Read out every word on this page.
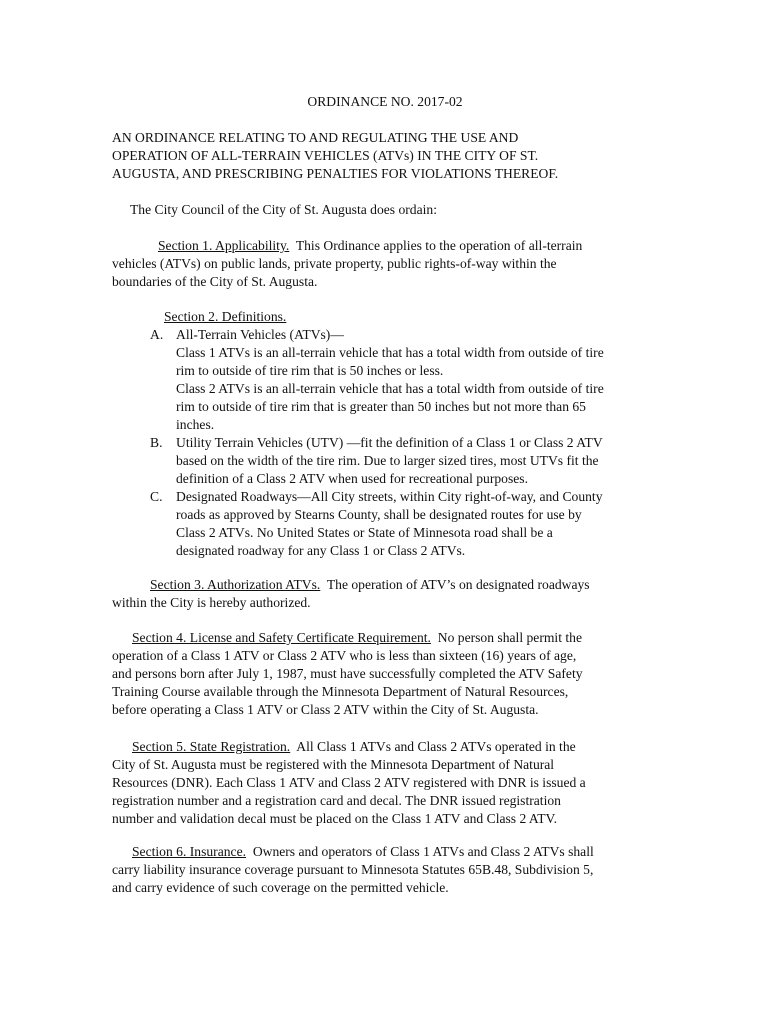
ORDINANCE NO. 2017-02
AN ORDINANCE RELATING TO AND REGULATING THE USE AND
OPERATION OF ALL-TERRAIN VEHICLES (ATVs) IN THE CITY OF ST.
AUGUSTA, AND PRESCRIBING PENALTIES FOR VIOLATIONS THEREOF.
The City Council of the City of St. Augusta does ordain:
Section 1. Applicability.  This Ordinance applies to the operation of all-terrain
vehicles (ATVs) on public lands, private property, public rights-of-way within the
boundaries of the City of St. Augusta.
Section 2. Definitions.
A. All-Terrain Vehicles (ATVs)—
Class 1 ATVs is an all-terrain vehicle that has a total width from outside of tire
rim to outside of tire rim that is 50 inches or less.
Class 2 ATVs is an all-terrain vehicle that has a total width from outside of tire
rim to outside of tire rim that is greater than 50 inches but not more than 65
inches.
B. Utility Terrain Vehicles (UTV) —fit the definition of a Class 1 or Class 2 ATV
based on the width of the tire rim. Due to larger sized tires, most UTVs fit the
definition of a Class 2 ATV when used for recreational purposes.
C. Designated Roadways—All City streets, within City right-of-way, and County
roads as approved by Stearns County, shall be designated routes for use by
Class 2 ATVs. No United States or State of Minnesota road shall be a
designated roadway for any Class 1 or Class 2 ATVs.
Section 3. Authorization ATVs.  The operation of ATV’s on designated roadways
within the City is hereby authorized.
Section 4. License and Safety Certificate Requirement.  No person shall permit the
operation of a Class 1 ATV or Class 2 ATV who is less than sixteen (16) years of age,
and persons born after July 1, 1987, must have successfully completed the ATV Safety
Training Course available through the Minnesota Department of Natural Resources,
before operating a Class 1 ATV or Class 2 ATV within the City of St. Augusta.
Section 5. State Registration.  All Class 1 ATVs and Class 2 ATVs operated in the
City of St. Augusta must be registered with the Minnesota Department of Natural
Resources (DNR). Each Class 1 ATV and Class 2 ATV registered with DNR is issued a
registration number and a registration card and decal. The DNR issued registration
number and validation decal must be placed on the Class 1 ATV and Class 2 ATV.
Section 6. Insurance.  Owners and operators of Class 1 ATVs and Class 2 ATVs shall
carry liability insurance coverage pursuant to Minnesota Statutes 65B.48, Subdivision 5,
and carry evidence of such coverage on the permitted vehicle.
